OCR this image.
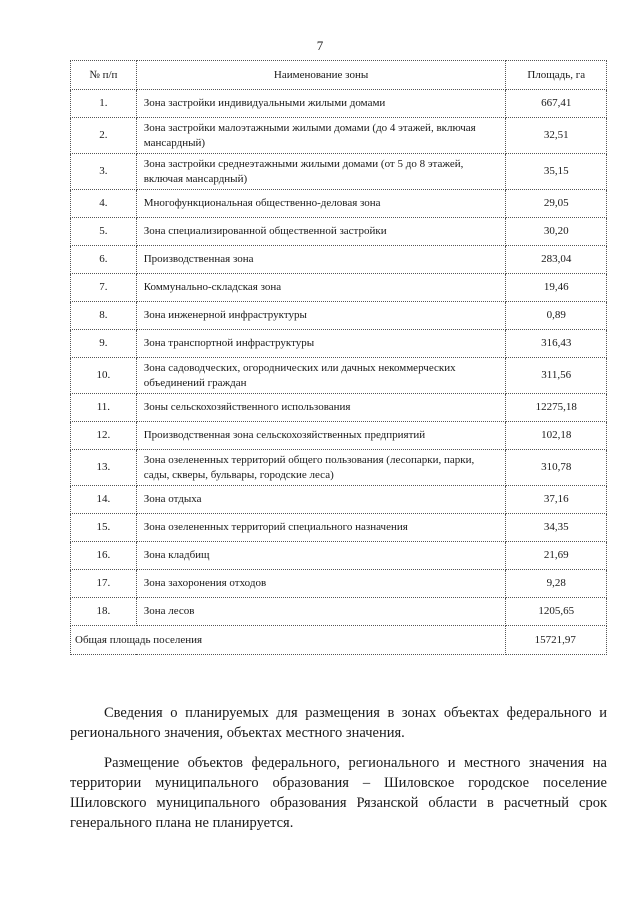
7
№ п/п	Наименование зоны	Площадь, га
1.	Зона застройки индивидуальными жилыми домами	667,41
2.	Зона застройки малоэтажными жилыми домами (до 4 этажей, включая мансардный)	32,51
3.	Зона застройки среднеэтажными жилыми домами (от 5 до 8 этажей, включая мансардный)	35,15
4.	Многофункциональная общественно-деловая зона	29,05
5.	Зона специализированной общественной застройки	30,20
6.	Производственная зона	283,04
7.	Коммунально-складская зона	19,46
8.	Зона инженерной инфраструктуры	0,89
9.	Зона транспортной инфраструктуры	316,43
10.	Зона садоводческих, огороднических или дачных некоммерческих объединений граждан	311,56
11.	Зоны сельскохозяйственного использования	12275,18
12.	Производственная зона сельскохозяйственных предприятий	102,18
13.	Зона озелененных территорий общего пользования (лесопарки, парки, сады, скверы, бульвары, городские леса)	310,78
14.	Зона отдыха	37,16
15.	Зона озелененных территорий специального назначения	34,35
16.	Зона кладбищ	21,69
17.	Зона захоронения отходов	9,28
18.	Зона лесов	1205,65
Общая площадь поселения		15721,97

Сведения о планируемых для размещения в зонах объектах федерального и регионального значения, объектах местного значения.

Размещение объектов федерального, регионального и местного значения на территории муниципального образования – Шиловское городское поселение Шиловского муниципального образования Рязанской области в расчетный срок генерального плана не планируется.
